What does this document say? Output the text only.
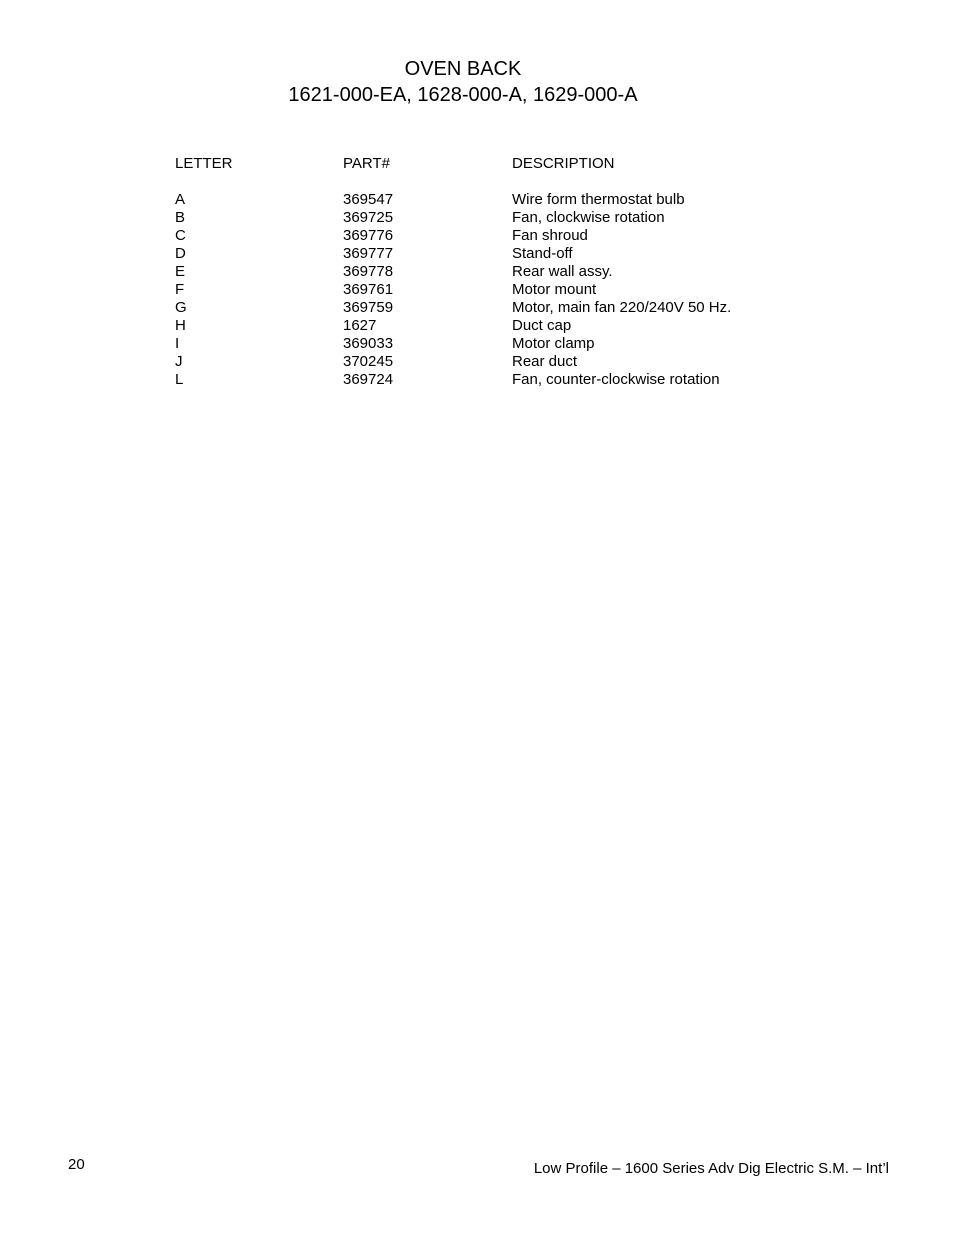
OVEN BACK
1621-000-EA, 1628-000-A, 1629-000-A
LETTER	PART#	DESCRIPTION
A	369547	Wire form thermostat bulb
B	369725	Fan, clockwise rotation
C	369776	Fan shroud
D	369777	Stand-off
E	369778	Rear wall assy.
F	369761	Motor mount
G	369759	Motor, main fan 220/240V 50 Hz.
H	1627	Duct cap
I	369033	Motor clamp
J	370245	Rear duct
L	369724	Fan, counter-clockwise rotation
20	Low Profile – 1600 Series Adv Dig Electric S.M. – Int’l
